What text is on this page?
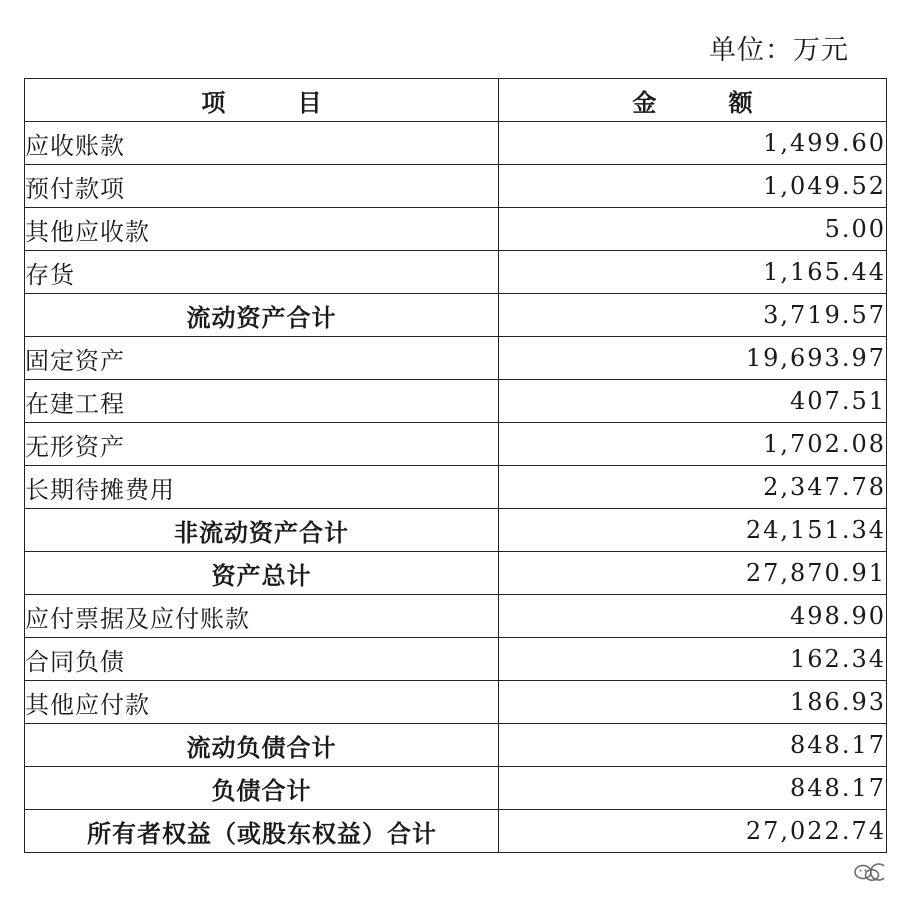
单位：万元
项 目	金 额
应收账款	1,499.60
预付款项	1,049.52
其他应收款	5.00
存货	1,165.44
流动资产合计	3,719.57
固定资产	19,693.97
在建工程	407.51
无形资产	1,702.08
长期待摊费用	2,347.78
非流动资产合计	24,151.34
资产总计	27,870.91
应付票据及应付账款	498.90
合同负债	162.34
其他应付款	186.93
流动负债合计	848.17
负债合计	848.17
所有者权益（或股东权益）合计	27,022.74
